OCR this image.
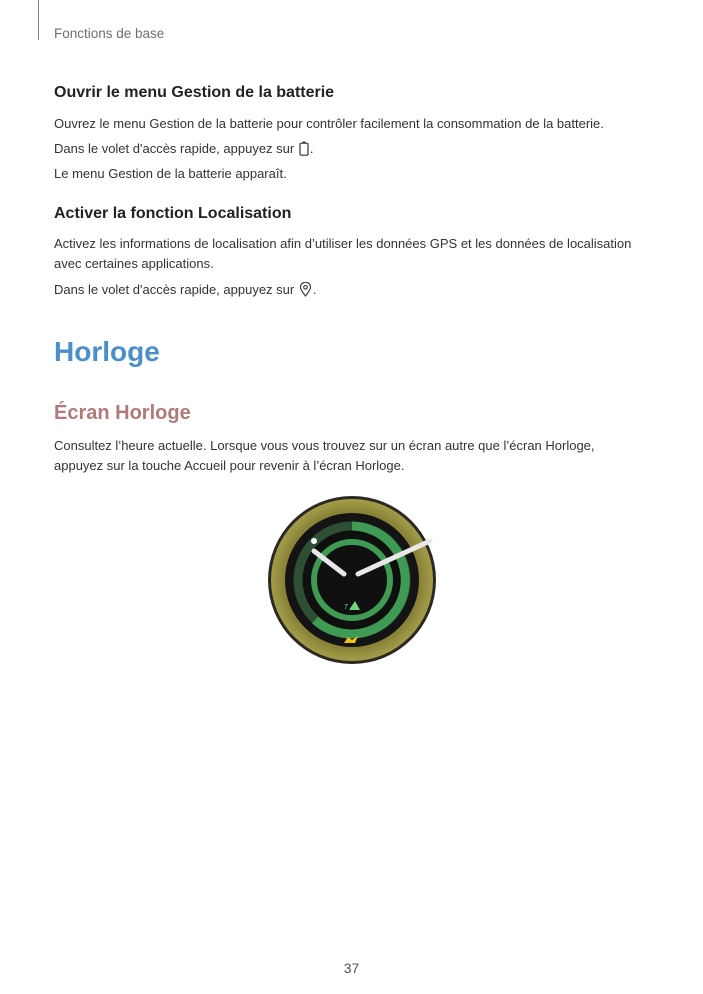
Fonctions de base
Ouvrir le menu Gestion de la batterie
Ouvrez le menu Gestion de la batterie pour contrôler facilement la consommation de la batterie.
Dans le volet d'accès rapide, appuyez sur .
Le menu Gestion de la batterie apparaît.
Activer la fonction Localisation
Activez les informations de localisation afin d’utiliser les données GPS et les données de localisation
avec certaines applications.
Dans le volet d'accès rapide, appuyez sur .
Horloge
Écran Horloge
Consultez l’heure actuelle. Lorsque vous vous trouvez sur un écran autre que l’écran Horloge,
appuyez sur la touche Accueil pour revenir à l’écran Horloge.
7
37
